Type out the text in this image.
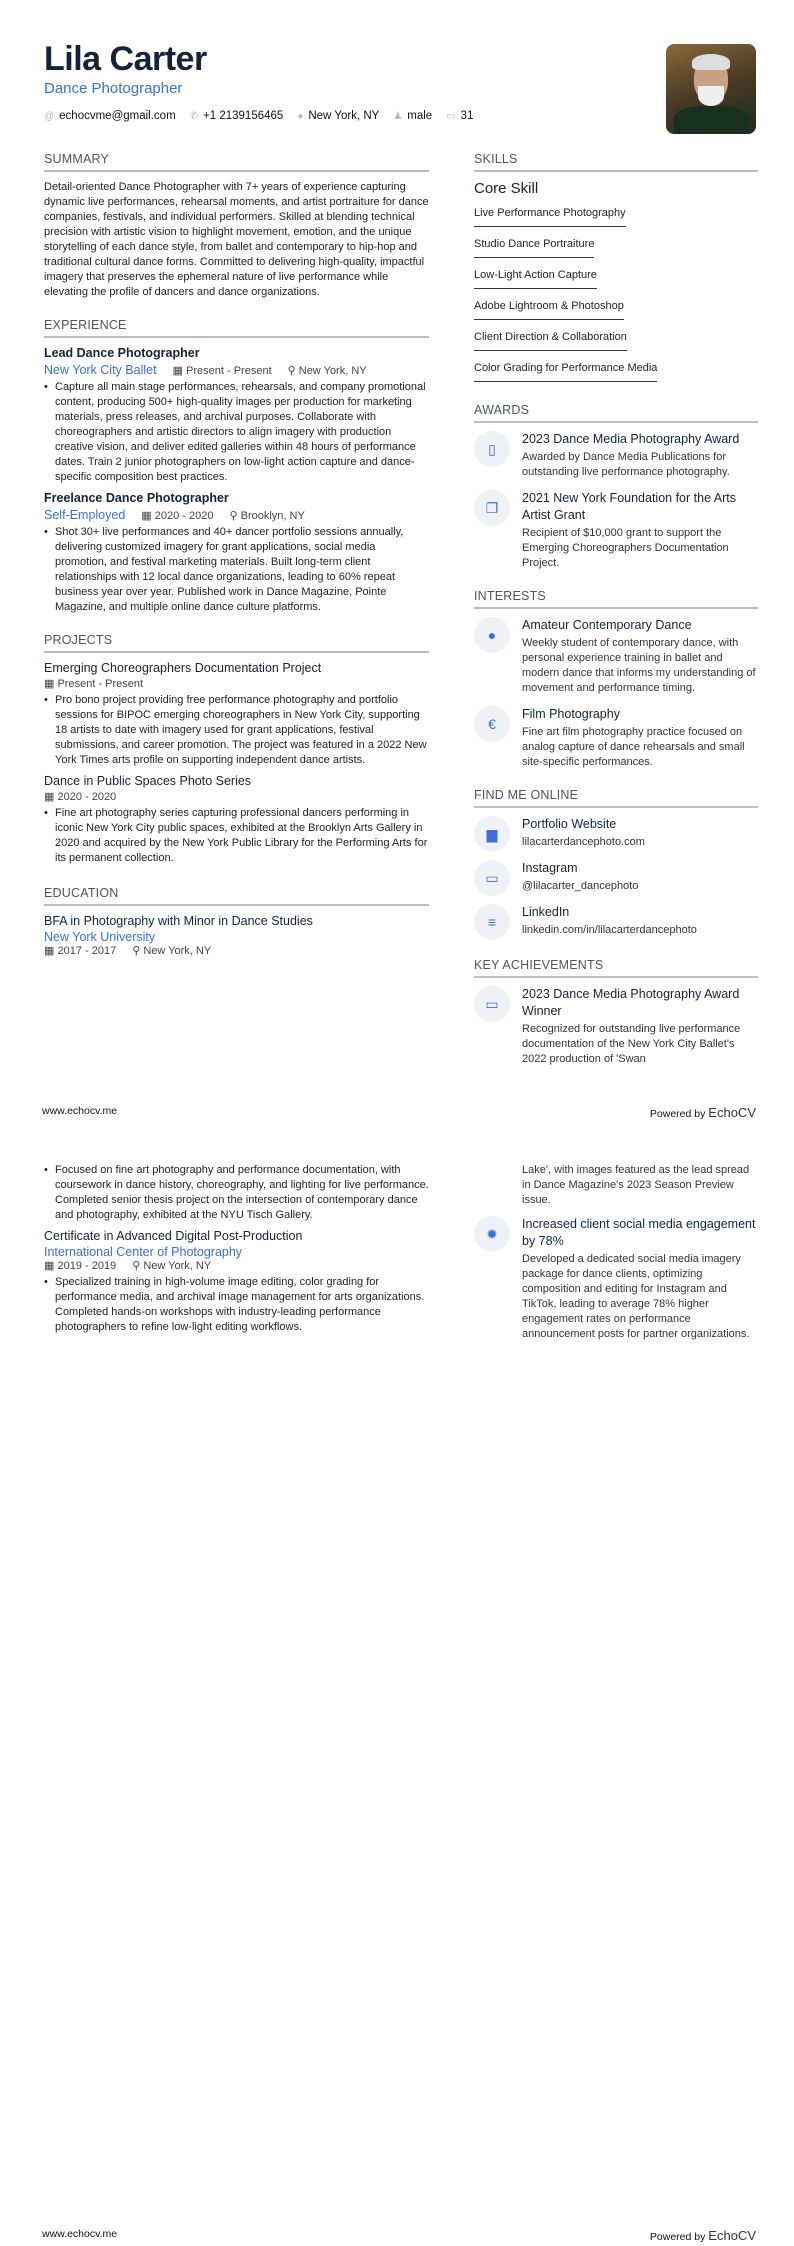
Lila Carter
Dance Photographer
@ echocvme@gmail.com ✆ +1 2139156465 ● New York, NY ♟ male ▭ 31
SUMMARY
Detail-oriented Dance Photographer with 7+ years of experience capturing dynamic live performances, rehearsal moments, and artist portraiture for dance companies, festivals, and individual performers. Skilled at blending technical precision with artistic vision to highlight movement, emotion, and the unique storytelling of each dance style, from ballet and contemporary to hip-hop and traditional cultural dance forms. Committed to delivering high-quality, impactful imagery that preserves the ephemeral nature of live performance while elevating the profile of dancers and dance organizations.
EXPERIENCE
Lead Dance Photographer
New York City Ballet ▦ Present - Present ⚲ New York, NY
• Capture all main stage performances, rehearsals, and company promotional content, producing 500+ high-quality images per production for marketing materials, press releases, and archival purposes. Collaborate with choreographers and artistic directors to align imagery with production creative vision, and deliver edited galleries within 48 hours of performance dates. Train 2 junior photographers on low-light action capture and dance-specific composition best practices.
Freelance Dance Photographer
Self-Employed ▦ 2020 - 2020 ⚲ Brooklyn, NY
• Shot 30+ live performances and 40+ dancer portfolio sessions annually, delivering customized imagery for grant applications, social media promotion, and festival marketing materials. Built long-term client relationships with 12 local dance organizations, leading to 60% repeat business year over year. Published work in Dance Magazine, Pointe Magazine, and multiple online dance culture platforms.
PROJECTS
Emerging Choreographers Documentation Project
▦ Present - Present
• Pro bono project providing free performance photography and portfolio sessions for BIPOC emerging choreographers in New York City, supporting 18 artists to date with imagery used for grant applications, festival submissions, and career promotion. The project was featured in a 2022 New York Times arts profile on supporting independent dance artists.
Dance in Public Spaces Photo Series
▦ 2020 - 2020
• Fine art photography series capturing professional dancers performing in iconic New York City public spaces, exhibited at the Brooklyn Arts Gallery in 2020 and acquired by the New York Public Library for the Performing Arts for its permanent collection.
EDUCATION
BFA in Photography with Minor in Dance Studies
New York University
▦ 2017 - 2017 ⚲ New York, NY
SKILLS
Core Skill
Live Performance Photography
Studio Dance Portraiture
Low-Light Action Capture
Adobe Lightroom & Photoshop
Client Direction & Collaboration
Color Grading for Performance Media
AWARDS
▯
2023 Dance Media Photography Award
Awarded by Dance Media Publications for outstanding live performance photography.
❐
2021 New York Foundation for the Arts Artist Grant
Recipient of $10,000 grant to support the Emerging Choreographers Documentation Project.
INTERESTS
●
Amateur Contemporary Dance
Weekly student of contemporary dance, with personal experience training in ballet and modern dance that informs my understanding of movement and performance timing.
€
Film Photography
Fine art film photography practice focused on analog capture of dance rehearsals and small site-specific performances.
FIND ME ONLINE
▆
Portfolio Website
lilacarterdancephoto.com
▭
Instagram
@lilacarter_dancephoto
≡
LinkedIn
linkedin.com/in/lilacarterdancephoto
KEY ACHIEVEMENTS
▭
2023 Dance Media Photography Award Winner
Recognized for outstanding live performance documentation of the New York City Ballet's 2022 production of 'Swan
www.echocv.me	Powered by EchoCV
• Focused on fine art photography and performance documentation, with coursework in dance history, choreography, and lighting for live performance. Completed senior thesis project on the intersection of contemporary dance and photography, exhibited at the NYU Tisch Gallery.
Certificate in Advanced Digital Post-Production
International Center of Photography
▦ 2019 - 2019 ⚲ New York, NY
• Specialized training in high-volume image editing, color grading for performance media, and archival image management for arts organizations. Completed hands-on workshops with industry-leading performance photographers to refine low-light editing workflows.
Lake', with images featured as the lead spread in Dance Magazine's 2023 Season Preview issue.
✹
Increased client social media engagement by 78%
Developed a dedicated social media imagery package for dance clients, optimizing composition and editing for Instagram and TikTok, leading to average 78% higher engagement rates on performance announcement posts for partner organizations.
www.echocv.me	Powered by EchoCV
